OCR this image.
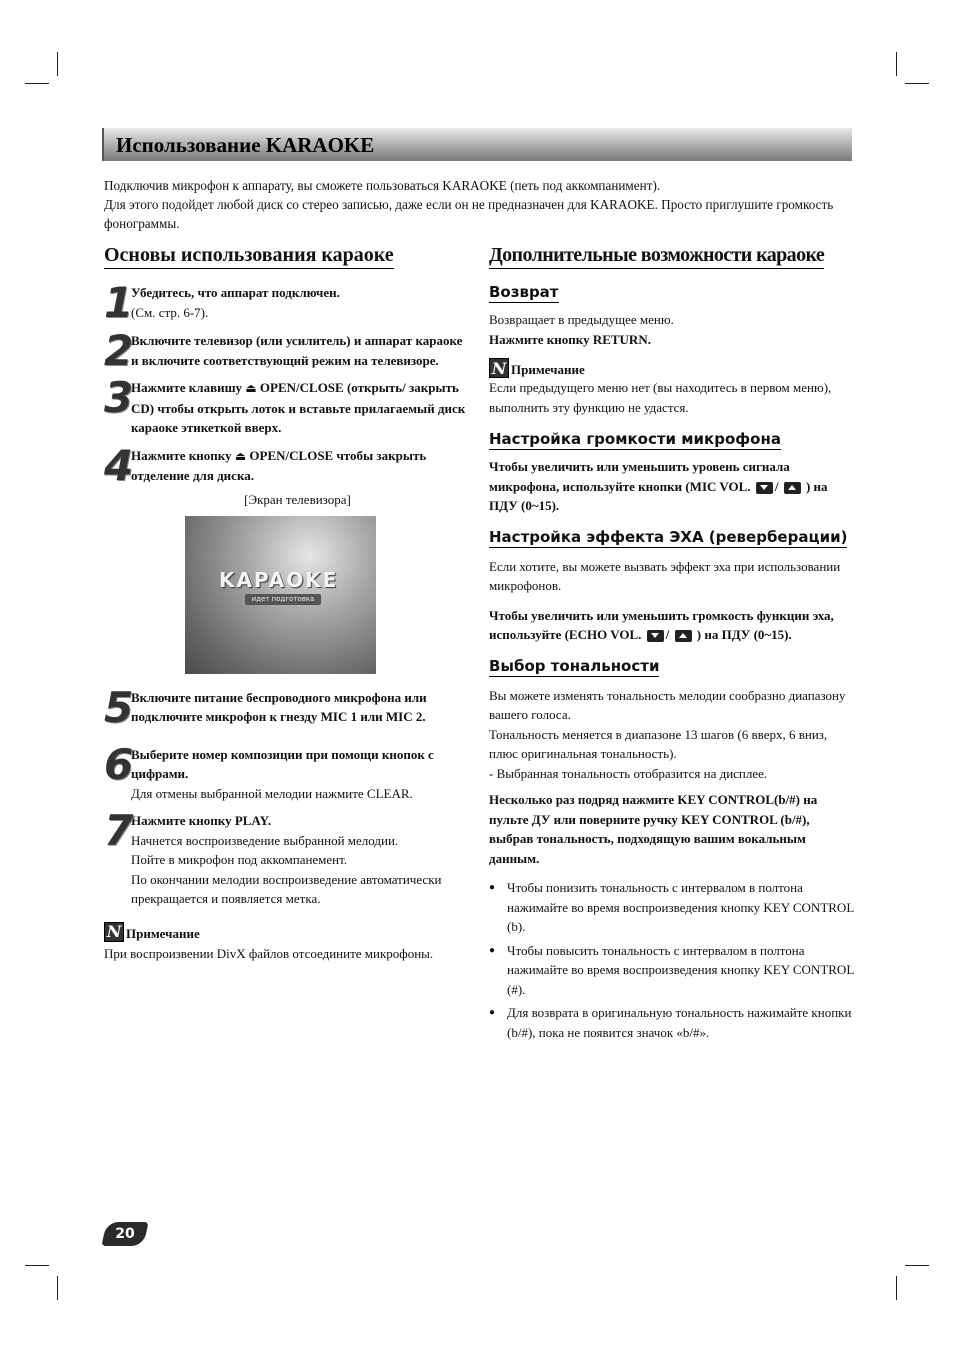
Использование KARAOKE

Подключив микрофон к аппарату, вы сможете пользоваться KARAOKE (петь под аккомпанимент).

Для этого подойдет любой диск со стерео записью, даже если он не предназначен для KARAOKE. Просто приглушите громкость фонограммы.

Основы использования караоке
1
Убедитесь, что аппарат подключен.
(См. стр. 6-7).
2
Включите телевизор (или усилитель) и аппарат караоке и включите соответствующий режим на телевизоре.
3
Нажмите клавишу ⏏ OPEN/CLOSE (открыть/ закрыть CD) чтобы открыть лоток и вставьте прилагаемый диск караоке этикеткой вверх.
4
Нажмите кнопку ⏏ OPEN/CLOSE чтобы закрыть отделение для диска.
[Экран телевизора]
KAPAOKE
идет подготовка
5
Включите питание беспроводного микрофона или подключите микрофон к гнезду MIC 1 или MIC 2.
6
Выберите номер композиции при помощи кнопок с цифрами.
Для отмены выбранной мелодии нажмите CLEAR.
7
Нажмите кнопку PLAY.
Начнется воспроизведение выбранной мелодии.
Пойте в микрофон под аккомпанемент.
По окончании мелодии воспроизведение автоматически прекращается и появляется метка.
N Примечание
При воспроизвении DivX файлов отсоедините микрофоны.
Дополнительные возможности караоке
Возврат

Возвращает в предыдущее меню.

Нажмите кнопку RETURN.

N Примечание
Если предыдущего меню нет (вы находитесь в первом меню), выполнить эту функцию не удастся.
Настройка громкости микрофона
Чтобы увеличить или уменьшить уровень сигнала микрофона, используйте кнопки (MIC VOL. / ) на ПДУ (0~15).
Настройка эффекта ЭХА (реверберации)
Если хотите, вы можете вызвать эффект эха при использовании микрофонов.
Чтобы увеличить или уменьшить громкость функции эха, используйте (ECHO VOL. / ) на ПДУ (0~15).
Выбор тональности

Вы можете изменять тональность мелодии сообразно диапазону вашего голоса.

Тональность меняется в диапазоне 13 шагов (6 вверх, 6 вниз, плюс оригинальная тональность).

- Выбранная тональность отобразится на дисплее.

Несколько раз подряд нажмите KEY CONTROL(b/#) на пульте ДУ или поверните ручку KEY CONTROL (b/#), выбрав тональность, подходящую вашим вокальным данным.
● Чтобы понизить тональность с интервалом в полтона нажимайте во время воспроизведения кнопку KEY CONTROL (b).
● Чтобы повысить тональность с интервалом в полтона нажимайте во время воспроизведения кнопку KEY CONTROL (#).
● Для возврата в оригинальную тональность нажимайте кнопки (b/#), пока не появится значок «b/#».
20
